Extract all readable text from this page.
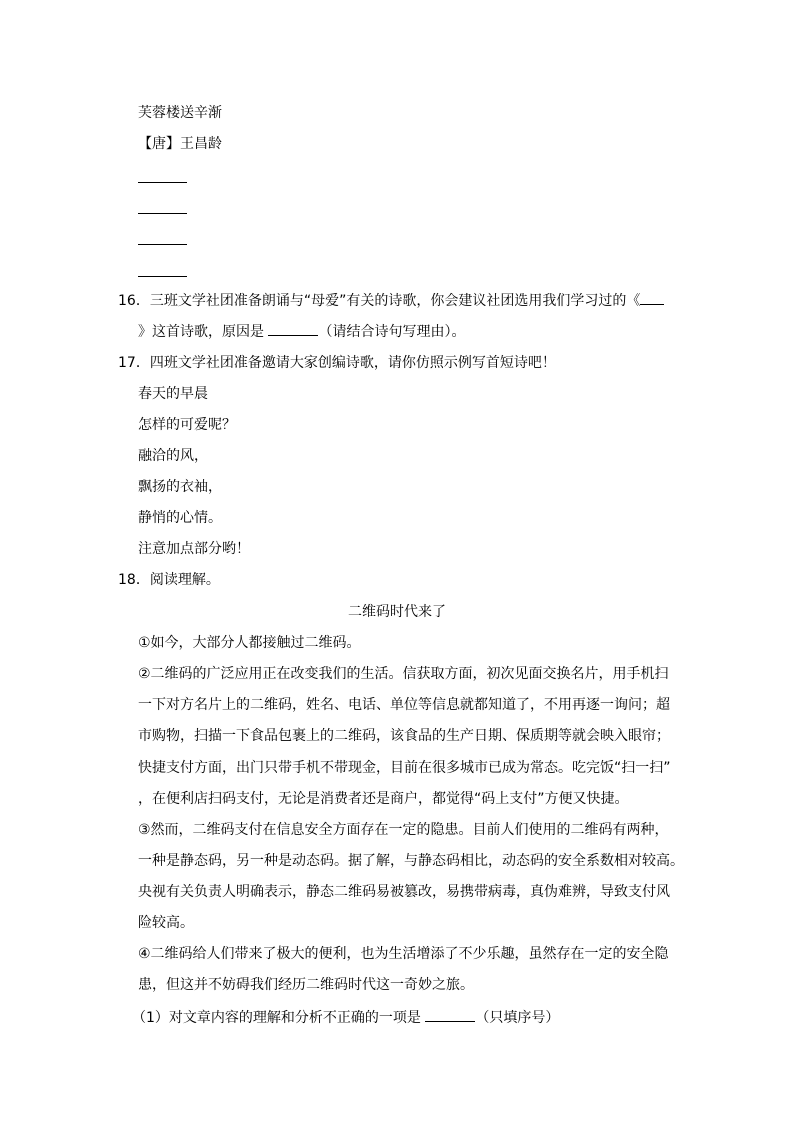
芙蓉楼送辛渐
【唐】王昌龄
16．三班文学社团准备朗诵与“母爱”有关的诗歌，你会建议社团选用我们学习过的《
》这首诗歌，原因是	（请结合诗句写理由）。
17．四班文学社团准备邀请大家创编诗歌，请你仿照示例写首短诗吧！
春天的早晨
怎样的可爱呢？
融洽的风，
飘扬的衣袖，
静悄的心情。
注意加点部分哟！
18．阅读理解。
二维码时代来了
①如今，大部分人都接触过二维码。
②二维码的广泛应用正在改变我们的生活。信获取方面，初次见面交换名片，用手机扫
一下对方名片上的二维码，姓名、电话、单位等信息就都知道了，不用再逐一询问；超
市购物，扫描一下食品包裹上的二维码，该食品的生产日期、保质期等就会映入眼帘；
快捷支付方面，出门只带手机不带现金，目前在很多城市已成为常态。吃完饭“扫一扫”
，在便利店扫码支付，无论是消费者还是商户，都觉得“码上支付”方便又快捷。
③然而，二维码支付在信息安全方面存在一定的隐患。目前人们使用的二维码有两种，
一种是静态码，另一种是动态码。据了解，与静态码相比，动态码的安全系数相对较高。
央视有关负责人明确表示，静态二维码易被篡改，易携带病毒，真伪难辨，导致支付风
险较高。
④二维码给人们带来了极大的便利，也为生活增添了不少乐趣，虽然存在一定的安全隐
患，但这并不妨碍我们经历二维码时代这一奇妙之旅。
（1）对文章内容的理解和分析不正确的一项是	（只填序号）
